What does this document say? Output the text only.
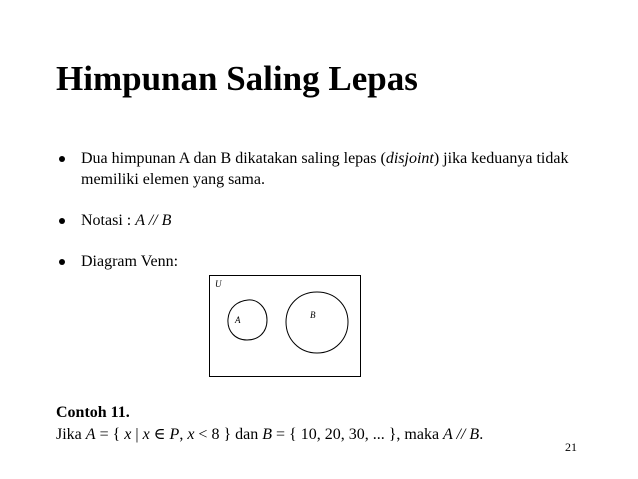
Himpunan Saling Lepas
Dua himpunan A dan B dikatakan saling lepas (disjoint) jika keduanya tidak memiliki elemen yang sama.
Notasi : A // B
Diagram Venn:
U
A	B
Contoh 11.
Jika A = { x | x ∈ P, x < 8 } dan B = { 10, 20, 30, ... }, maka A // B.
21
